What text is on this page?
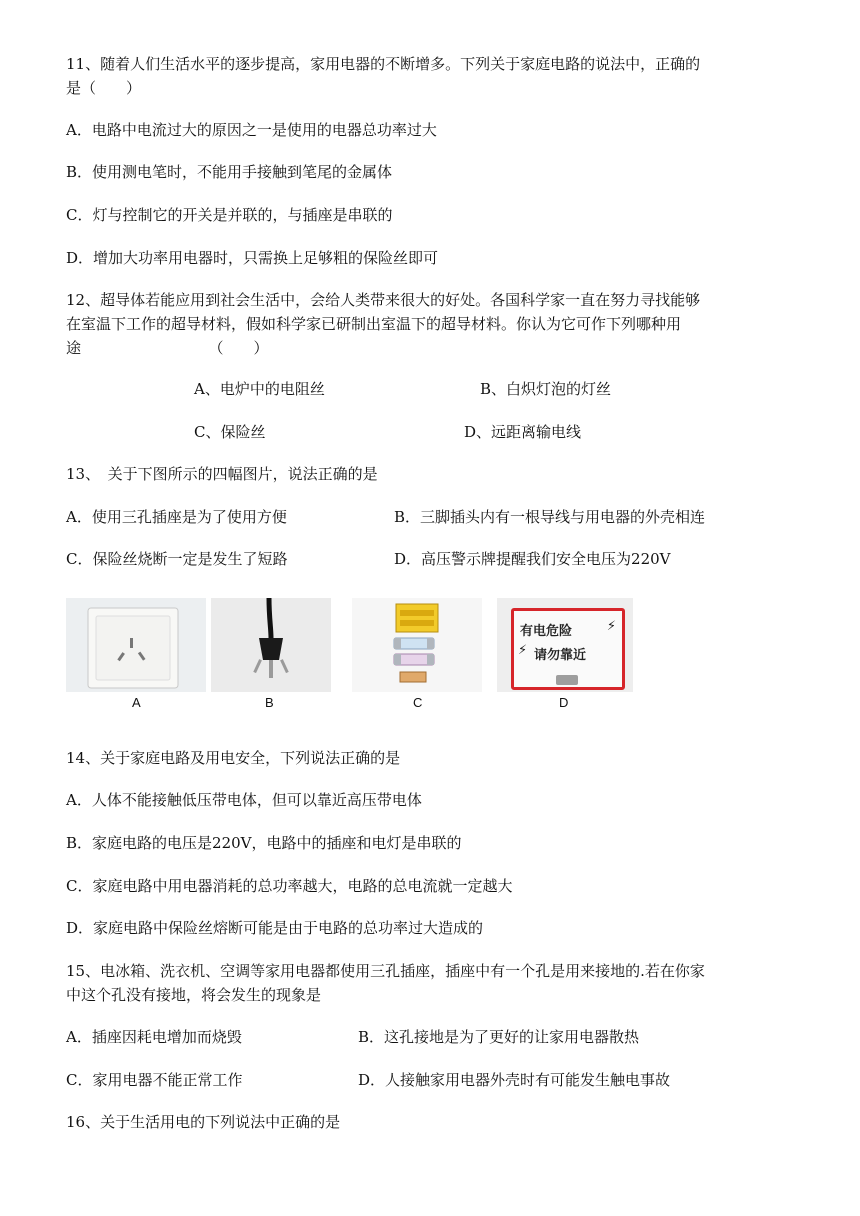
11、随着人们生活水平的逐步提高，家用电器的不断增多。下列关于家庭电路的说法中，正确的
是（　　）
A．电路中电流过大的原因之一是使用的电器总功率过大
B．使用测电笔时，不能用手接触到笔尾的金属体
C．灯与控制它的开关是并联的，与插座是串联的
D．增加大功率用电器时，只需换上足够粗的保险丝即可
12、超导体若能应用到社会生活中，会给人类带来很大的好处。各国科学家一直在努力寻找能够
在室温下工作的超导材料，假如科学家已研制出室温下的超导材料。你认为它可作下列哪种用
途　　　　　　　　　（　　）
A、电炉中的电阻丝	B、白炽灯泡的灯丝
C、保险丝	D、远距离输电线
13、　关于下图所示的四幅图片，说法正确的是
A．使用三孔插座是为了使用方便	B．三脚插头内有一根导线与用电器的外壳相连
C．保险丝烧断一定是发生了短路	D．高压警示牌提醒我们安全电压为220V
A	B	C
有电危险	⚡
⚡ 请勿靠近
D
14、关于家庭电路及用电安全，下列说法正确的是
A．人体不能接触低压带电体，但可以靠近高压带电体
B．家庭电路的电压是220V，电路中的插座和电灯是串联的
C．家庭电路中用电器消耗的总功率越大，电路的总电流就一定越大
D．家庭电路中保险丝熔断可能是由于电路的总功率过大造成的
15、电冰箱、洗衣机、空调等家用电器都使用三孔插座，插座中有一个孔是用来接地的.若在你家
中这个孔没有接地，将会发生的现象是
A．插座因耗电增加而烧毁	B．这孔接地是为了更好的让家用电器散热
C．家用电器不能正常工作	D．人接触家用电器外壳时有可能发生触电事故
16、关于生活用电的下列说法中正确的是
